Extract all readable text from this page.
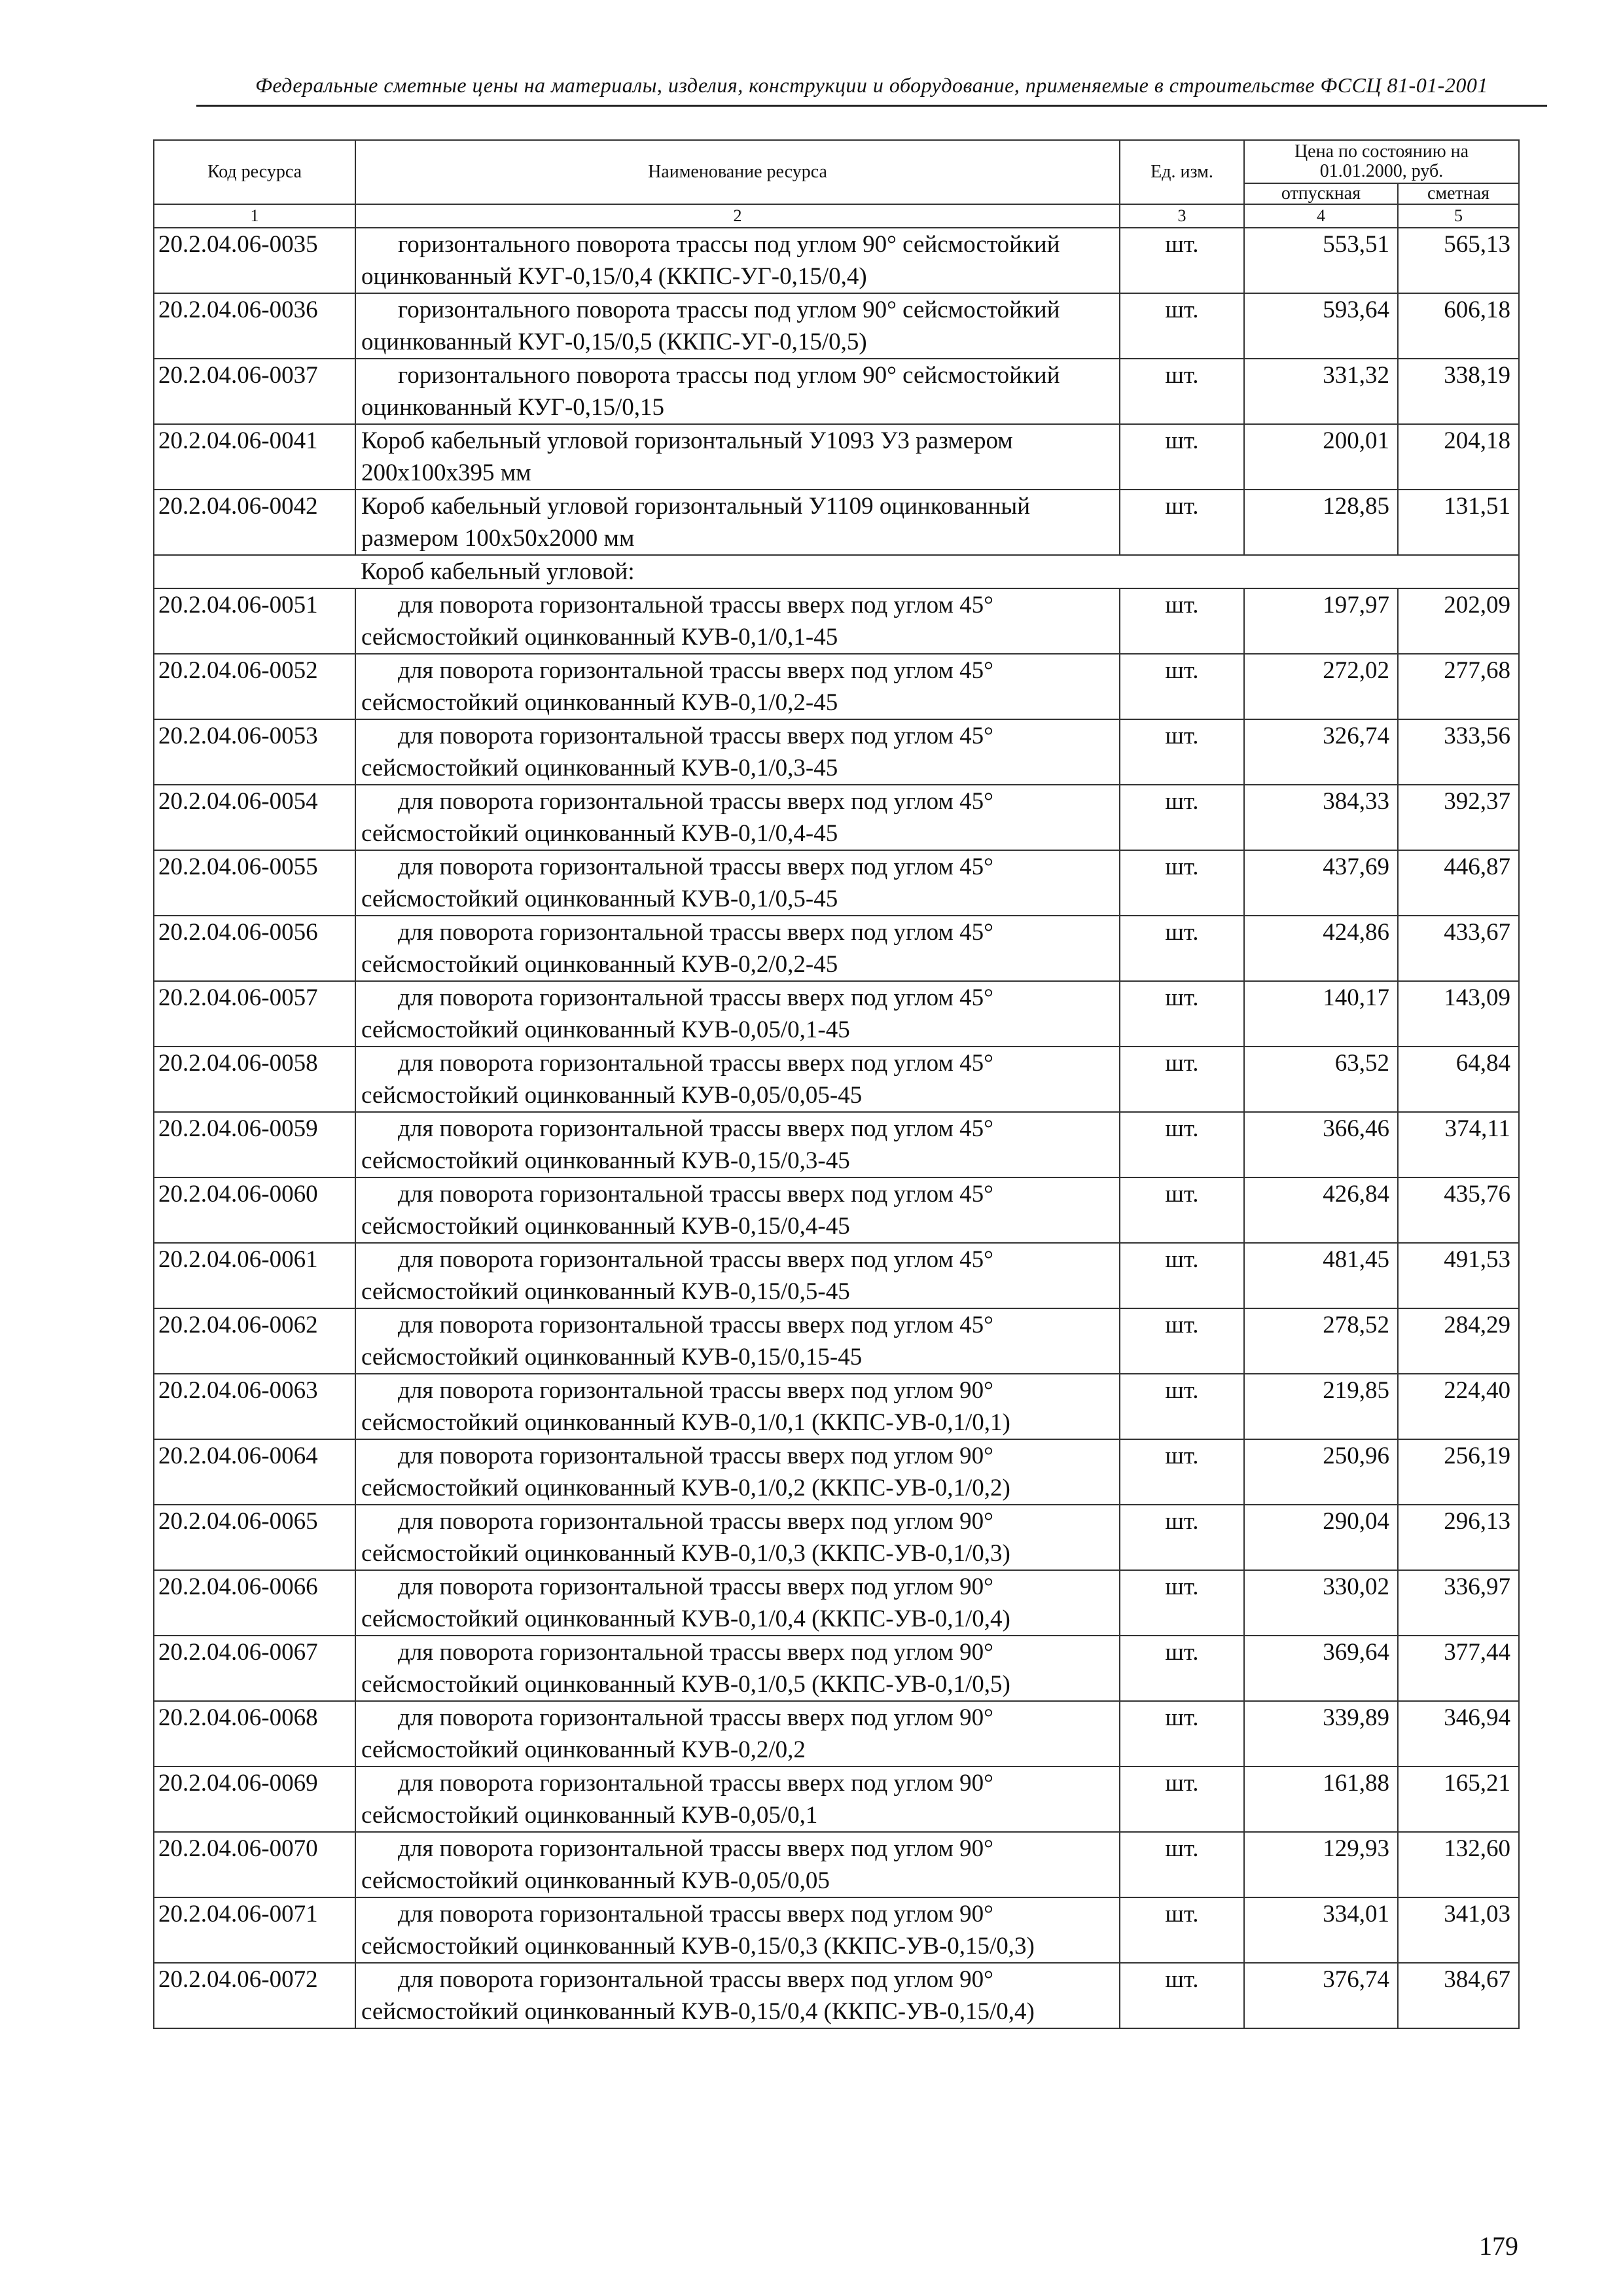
Федеральные сметные цены на материалы, изделия, конструкции и оборудование, применяемые в строительстве ФССЦ 81-01-2001
Код ресурса	Наименование ресурса	Ед. изм.	Цена по состоянию на 01.01.2000, руб.	
			отпускная	сметная
1	2	3	4	5
20.2.04.06-0035	горизонтального поворота трассы под углом 90° сейсмостойкий оцинкованный КУГ-0,15/0,4 (ККПС-УГ-0,15/0,4)	шт.	553,51	565,13
20.2.04.06-0036	горизонтального поворота трассы под углом 90° сейсмостойкий оцинкованный КУГ-0,15/0,5 (ККПС-УГ-0,15/0,5)	шт.	593,64	606,18
20.2.04.06-0037	горизонтального поворота трассы под углом 90° сейсмостойкий оцинкованный КУГ-0,15/0,15	шт.	331,32	338,19
20.2.04.06-0041	Короб кабельный угловой горизонтальный У1093 У3 размером 200х100х395 мм	шт.	200,01	204,18
20.2.04.06-0042	Короб кабельный угловой горизонтальный У1109 оцинкованный размером 100х50х2000 мм	шт.	128,85	131,51
	Короб кабельный угловой:			
20.2.04.06-0051	для поворота горизонтальной трассы вверх под углом 45° сейсмостойкий оцинкованный КУВ-0,1/0,1-45	шт.	197,97	202,09
20.2.04.06-0052	для поворота горизонтальной трассы вверх под углом 45° сейсмостойкий оцинкованный КУВ-0,1/0,2-45	шт.	272,02	277,68
20.2.04.06-0053	для поворота горизонтальной трассы вверх под углом 45° сейсмостойкий оцинкованный КУВ-0,1/0,3-45	шт.	326,74	333,56
20.2.04.06-0054	для поворота горизонтальной трассы вверх под углом 45° сейсмостойкий оцинкованный КУВ-0,1/0,4-45	шт.	384,33	392,37
20.2.04.06-0055	для поворота горизонтальной трассы вверх под углом 45° сейсмостойкий оцинкованный КУВ-0,1/0,5-45	шт.	437,69	446,87
20.2.04.06-0056	для поворота горизонтальной трассы вверх под углом 45° сейсмостойкий оцинкованный КУВ-0,2/0,2-45	шт.	424,86	433,67
20.2.04.06-0057	для поворота горизонтальной трассы вверх под углом 45° сейсмостойкий оцинкованный КУВ-0,05/0,1-45	шт.	140,17	143,09
20.2.04.06-0058	для поворота горизонтальной трассы вверх под углом 45° сейсмостойкий оцинкованный КУВ-0,05/0,05-45	шт.	63,52	64,84
20.2.04.06-0059	для поворота горизонтальной трассы вверх под углом 45° сейсмостойкий оцинкованный КУВ-0,15/0,3-45	шт.	366,46	374,11
20.2.04.06-0060	для поворота горизонтальной трассы вверх под углом 45° сейсмостойкий оцинкованный КУВ-0,15/0,4-45	шт.	426,84	435,76
20.2.04.06-0061	для поворота горизонтальной трассы вверх под углом 45° сейсмостойкий оцинкованный КУВ-0,15/0,5-45	шт.	481,45	491,53
20.2.04.06-0062	для поворота горизонтальной трассы вверх под углом 45° сейсмостойкий оцинкованный КУВ-0,15/0,15-45	шт.	278,52	284,29
20.2.04.06-0063	для поворота горизонтальной трассы вверх под углом 90° сейсмостойкий оцинкованный КУВ-0,1/0,1 (ККПС-УВ-0,1/0,1)	шт.	219,85	224,40
20.2.04.06-0064	для поворота горизонтальной трассы вверх под углом 90° сейсмостойкий оцинкованный КУВ-0,1/0,2 (ККПС-УВ-0,1/0,2)	шт.	250,96	256,19
20.2.04.06-0065	для поворота горизонтальной трассы вверх под углом 90° сейсмостойкий оцинкованный КУВ-0,1/0,3 (ККПС-УВ-0,1/0,3)	шт.	290,04	296,13
20.2.04.06-0066	для поворота горизонтальной трассы вверх под углом 90° сейсмостойкий оцинкованный КУВ-0,1/0,4 (ККПС-УВ-0,1/0,4)	шт.	330,02	336,97
20.2.04.06-0067	для поворота горизонтальной трассы вверх под углом 90° сейсмостойкий оцинкованный КУВ-0,1/0,5 (ККПС-УВ-0,1/0,5)	шт.	369,64	377,44
20.2.04.06-0068	для поворота горизонтальной трассы вверх под углом 90° сейсмостойкий оцинкованный КУВ-0,2/0,2	шт.	339,89	346,94
20.2.04.06-0069	для поворота горизонтальной трассы вверх под углом 90° сейсмостойкий оцинкованный КУВ-0,05/0,1	шт.	161,88	165,21
20.2.04.06-0070	для поворота горизонтальной трассы вверх под углом 90° сейсмостойкий оцинкованный КУВ-0,05/0,05	шт.	129,93	132,60
20.2.04.06-0071	для поворота горизонтальной трассы вверх под углом 90° сейсмостойкий оцинкованный КУВ-0,15/0,3 (ККПС-УВ-0,15/0,3)	шт.	334,01	341,03
20.2.04.06-0072	для поворота горизонтальной трассы вверх под углом 90° сейсмостойкий оцинкованный КУВ-0,15/0,4 (ККПС-УВ-0,15/0,4)	шт.	376,74	384,67
179
